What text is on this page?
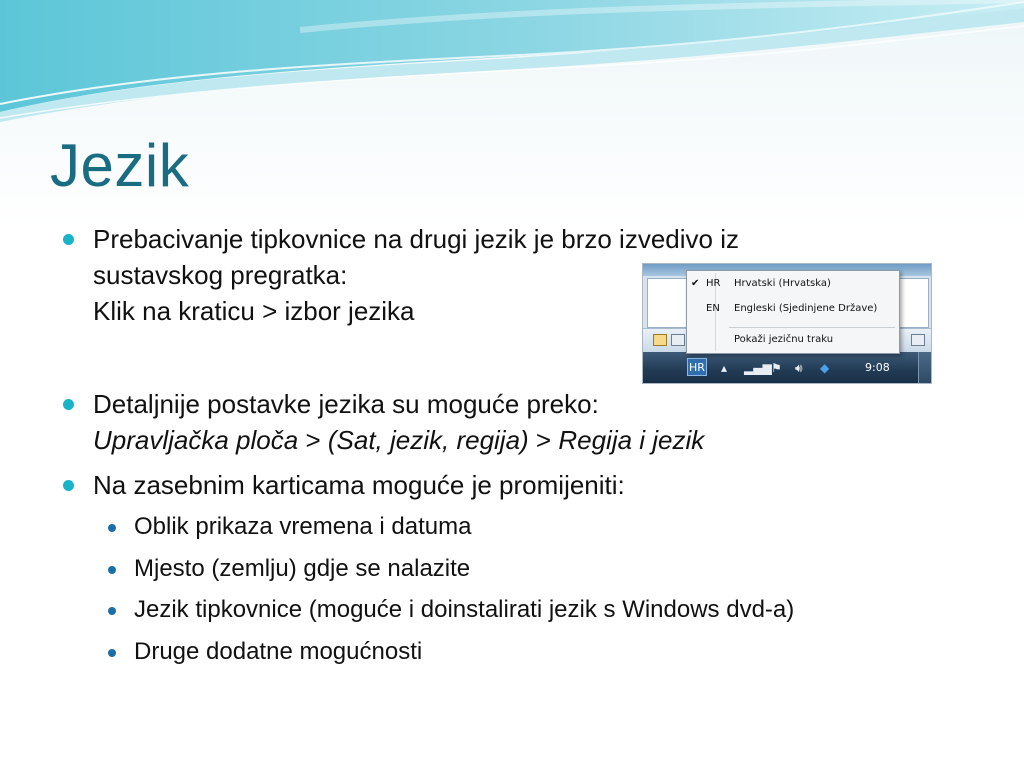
Jezik
Prebacivanje tipkovnice na drugi jezik je brzo izvedivo iz
sustavskog pregratka:
Klik na kraticu > izbor jezika
Detaljnije postavke jezika su moguće preko:
Upravljačka ploča > (Sat, jezik, regija) > Regija i jezik
Na zasebnim karticama moguće je promijeniti:
Oblik prikaza vremena i datuma
Mjesto (zemlju) gdje se nalazite
Jezik tipkovnice (moguće i doinstalirati jezik s Windows dvd-a)
Druge dodatne mogućnosti
HR ▴ ▂▄▆ ⚑ 🔊︎ ◆	9:08
✔ HR Hrvatski (Hrvatska)
EN Engleski (Sjedinjene Države)
Pokaži jezičnu traku
